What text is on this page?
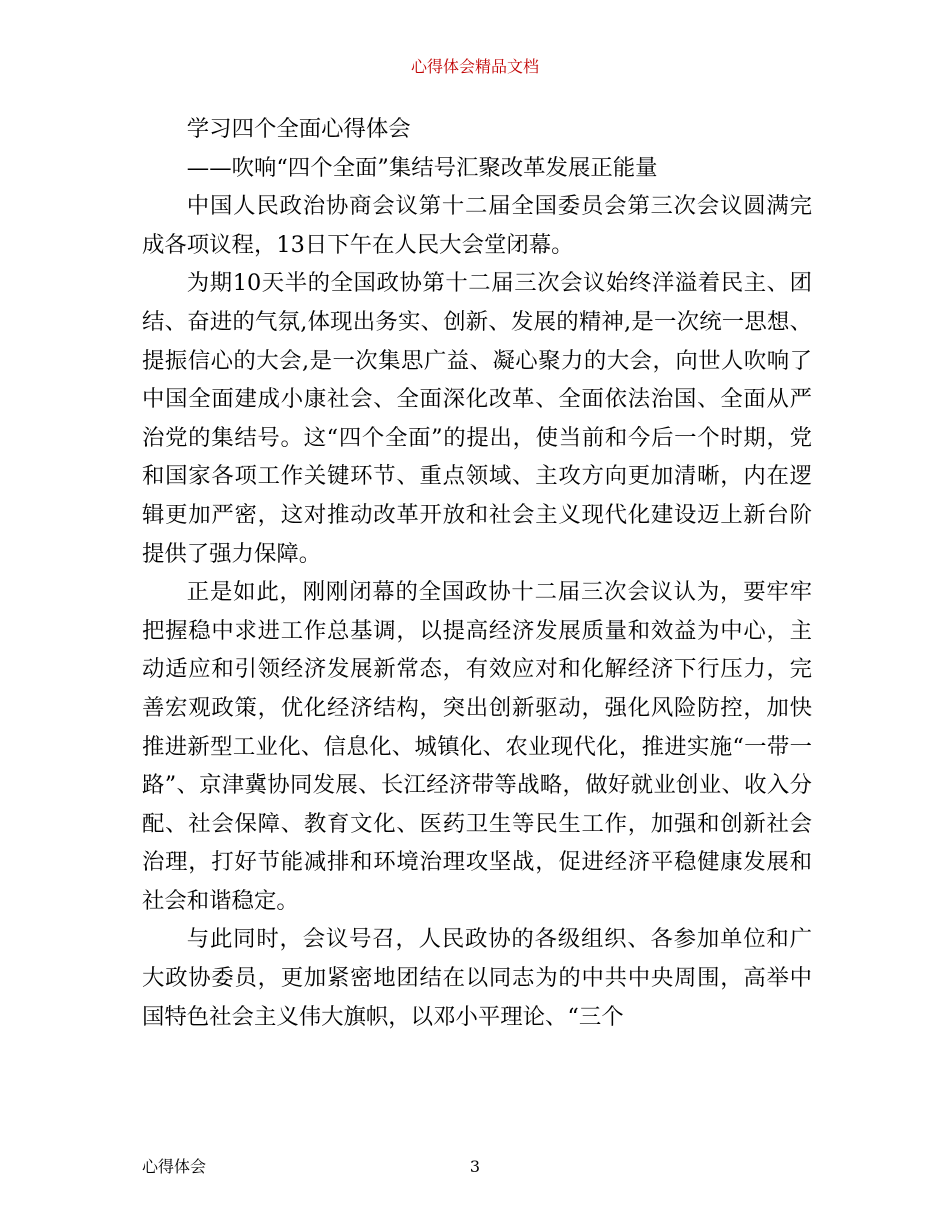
心得体会精品文档

学习四个全面心得体会

——吹响“四个全面”集结号汇聚改革发展正能量

中国人民政治协商会议第十二届全国委员会第三次会议圆满完成各项议程，13日下午在人民大会堂闭幕。

为期10天半的全国政协第十二届三次会议始终洋溢着民主、团结、奋进的气氛,体现出务实、创新、发展的精神,是一次统一思想、提振信心的大会,是一次集思广益、凝心聚力的大会，向世人吹响了中国全面建成小康社会、全面深化改革、全面依法治国、全面从严治党的集结号。这“四个全面”的提出，使当前和今后一个时期，党和国家各项工作关键环节、重点领域、主攻方向更加清晰，内在逻辑更加严密，这对推动改革开放和社会主义现代化建设迈上新台阶提供了强力保障。

正是如此，刚刚闭幕的全国政协十二届三次会议认为，要牢牢把握稳中求进工作总基调，以提高经济发展质量和效益为中心，主动适应和引领经济发展新常态，有效应对和化解经济下行压力，完善宏观政策，优化经济结构，突出创新驱动，强化风险防控，加快推进新型工业化、信息化、城镇化、农业现代化，推进实施“一带一路”、京津冀协同发展、长江经济带等战略，做好就业创业、收入分配、社会保障、教育文化、医药卫生等民生工作，加强和创新社会治理，打好节能减排和环境治理攻坚战，促进经济平稳健康发展和社会和谐稳定。

与此同时，会议号召，人民政协的各级组织、各参加单位和广大政协委员，更加紧密地团结在以同志为的中共中央周围，高举中国特色社会主义伟大旗帜，以邓小平理论、“三个

心得体会	3
